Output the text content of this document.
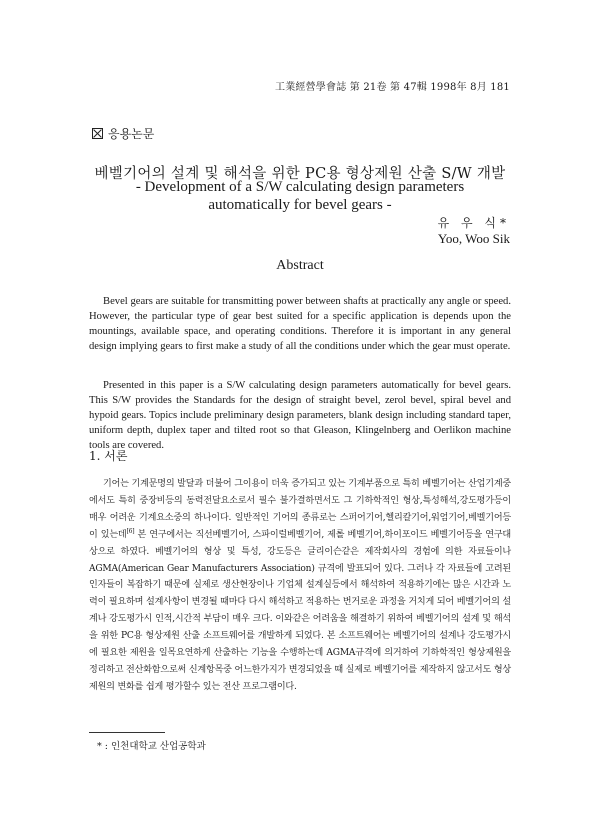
工業經營學會誌 第 21卷 第 47輯 1998年 8月 181
응용논문
베벨기어의 설계 및 해석을 위한 PC용 형상제원 산출 S/W 개발
- Development of a S/W calculating design parameters
automatically for bevel gears -
유 우 식*
Yoo, Woo Sik
Abstract

Bevel gears are suitable for transmitting power between shafts at practically any angle or speed. However, the particular type of gear best suited for a specific application is depends upon the mountings, available space, and operating conditions. Therefore it is important in any general design implying gears to first make a study of all the conditions under which the gear must operate.

Presented in this paper is a S/W calculating design parameters automatically for bevel gears. This S/W provides the Standards for the design of straight bevel, zerol bevel, spiral bevel and hypoid gears. Topics include preliminary design parameters, blank design including standard taper, uniform depth, duplex taper and tilted root so that Gleason, Klingelnberg and Oerlikon machine tools are covered.

1. 서론

기어는 기계문명의 발달과 더불어 그이용이 더욱 증가되고 있는 기계부품으로 특히 베벨기어는 산업기계중에서도 특히 중장비등의 동력전달요소로서 필수 불가결하면서도 그 기하학적인 형상,특성해석,강도평가등이 매우 어려운 기계요소중의 하나이다. 일반적인 기어의 종류로는 스퍼어기어,헬리칼기어,워엄기어,베벨기어등이 있는데[6] 본 연구에서는 직선베벨기어, 스파이럴베벨기어, 제롤 베벨기어,하이포이드 베벨기어등을 연구대상으로 하였다. 베벨기어의 형상 및 특성, 강도등은 글리이슨같은 제작회사의 경험에 의한 자료들이나 AGMA(American Gear Manufacturers Association) 규격에 발표되어 있다. 그러나 각 자료들에 고려된 인자들이 복잡하기 때문에 실제로 생산현장이나 기업체 설계실등에서 해석하여 적용하기에는 많은 시간과 노력이 필요하며 설계사항이 변경될 때마다 다시 해석하고 적용하는 번거로운 과정을 거치게 되어 베벨기어의 설계나 강도평가시 인적,시간적 부담이 매우 크다. 이와같은 어려움을 해결하기 위하여 베벨기어의 설계 및 해석을 위한 PC용 형상제원 산출 소프트웨어를 개발하게 되었다. 본 소프트웨어는 베벨기어의 설계나 강도평가시에 필요한 제원을 일목요연하게 산출하는 기능을 수행하는데 AGMA규격에 의거하여 기하학적인 형상제원을 정리하고 전산화함으로써 신계항목중 어느한가지가 변경되었을 때 실제로 베벨기어를 제작하지 않고서도 형상제원의 변화를 쉽게 평가할수 있는 전산 프로그램이다.

* : 인천대학교 산업공학과
